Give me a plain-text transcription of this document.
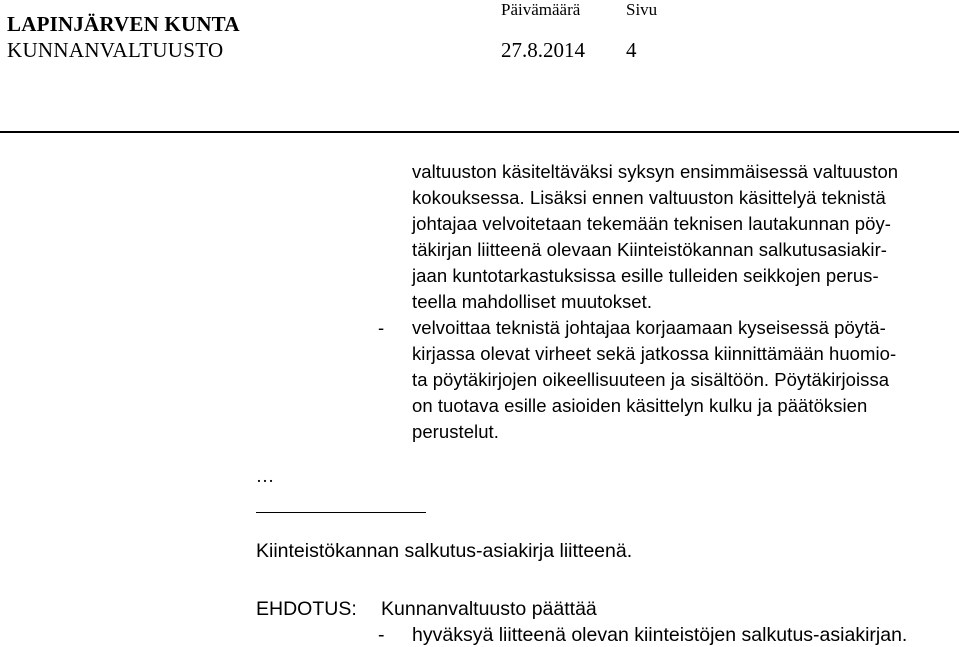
LAPINJÄRVEN KUNTA
KUNNANVALTUUSTO
Päivämäärä	Sivu
27.8.2014 4
valtuuston käsiteltäväksi syksyn ensimmäisessä valtuuston
kokouksessa. Lisäksi ennen valtuuston käsittelyä teknistä
johtajaa velvoitetaan tekemään teknisen lautakunnan pöy-
täkirjan liitteenä olevaan Kiinteistökannan salkutusasiakir-
jaan kuntotarkastuksissa esille tulleiden seikkojen perus-
teella mahdolliset muutokset.
- velvoittaa teknistä johtajaa korjaamaan kyseisessä pöytä-
kirjassa olevat virheet sekä jatkossa kiinnittämään huomio-
ta pöytäkirjojen oikeellisuuteen ja sisältöön. Pöytäkirjoissa
on tuotava esille asioiden käsittelyn kulku ja päätöksien
perustelut.
…
Kiinteistökannan salkutus-asiakirja liitteenä.
EHDOTUS: Kunnanvaltuusto päättää
- hyväksyä liitteenä olevan kiinteistöjen salkutus-asiakirjan.
